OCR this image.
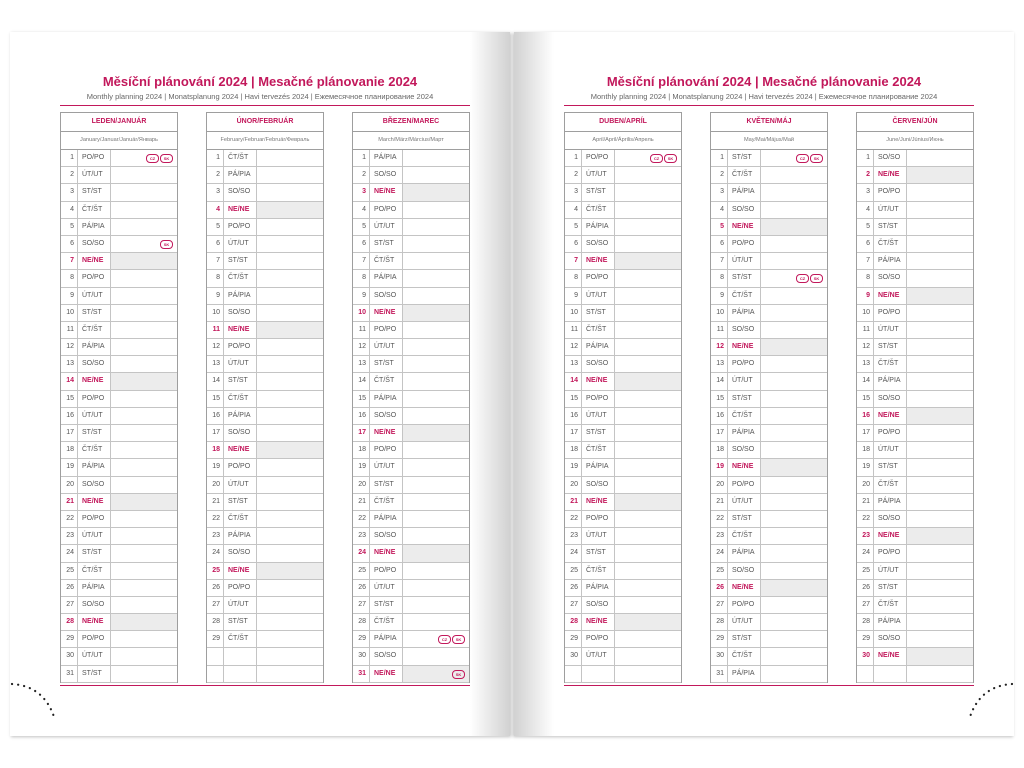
Měsíční plánování 2024 | Mesačné plánovanie 2024

Monthly planning 2024 | Monatsplanung 2024 | Havi tervezés 2024 | Ежемесячное планирование 2024

LEDEN/JANUÁR
January/Januar/Január/Январь
1	PO/PO	CZ	SK
2	ÚT/UT
3	ST/ST
4	ČT/ŠT
5	PÁ/PIA
6	SO/SO	SK
7	NE/NE
8	PO/PO
9	ÚT/UT
10	ST/ST
11	ČT/ŠT
12	PÁ/PIA
13	SO/SO
14	NE/NE
15	PO/PO
16	ÚT/UT
17	ST/ST
18	ČT/ŠT
19	PÁ/PIA
20	SO/SO
21	NE/NE
22	PO/PO
23	ÚT/UT
24	ST/ST
25	ČT/ŠT
26	PÁ/PIA
27	SO/SO
28	NE/NE
29	PO/PO
30	ÚT/UT
31	ST/ST
ÚNOR/FEBRUÁR
February/Februar/Február/Февраль
1	ČT/ŠT
2	PÁ/PIA
3	SO/SO
4	NE/NE
5	PO/PO
6	ÚT/UT
7	ST/ST
8	ČT/ŠT
9	PÁ/PIA
10	SO/SO
11	NE/NE
12	PO/PO
13	ÚT/UT
14	ST/ST
15	ČT/ŠT
16	PÁ/PIA
17	SO/SO
18	NE/NE
19	PO/PO
20	ÚT/UT
21	ST/ST
22	ČT/ŠT
23	PÁ/PIA
24	SO/SO
25	NE/NE
26	PO/PO
27	ÚT/UT
28	ST/ST
29	ČT/ŠT
BŘEZEN/MAREC
March/März/Március/Март
1	PÁ/PIA
2	SO/SO
3	NE/NE
4	PO/PO
5	ÚT/UT
6	ST/ST
7	ČT/ŠT
8	PÁ/PIA
9	SO/SO
10	NE/NE
11	PO/PO
12	ÚT/UT
13	ST/ST
14	ČT/ŠT
15	PÁ/PIA
16	SO/SO
17	NE/NE
18	PO/PO
19	ÚT/UT
20	ST/ST
21	ČT/ŠT
22	PÁ/PIA
23	SO/SO
24	NE/NE
25	PO/PO
26	ÚT/UT
27	ST/ST
28	ČT/ŠT
29	PÁ/PIA	CZ	SK
30	SO/SO
31	NE/NE	SK
Měsíční plánování 2024 | Mesačné plánovanie 2024

Monthly planning 2024 | Monatsplanung 2024 | Havi tervezés 2024 | Ежемесячное планирование 2024

DUBEN/APRÍL
April/April/Április/Апрель
1	PO/PO	CZ	SK
2	ÚT/UT
3	ST/ST
4	ČT/ŠT
5	PÁ/PIA
6	SO/SO
7	NE/NE
8	PO/PO
9	ÚT/UT
10	ST/ST
11	ČT/ŠT
12	PÁ/PIA
13	SO/SO
14	NE/NE
15	PO/PO
16	ÚT/UT
17	ST/ST
18	ČT/ŠT
19	PÁ/PIA
20	SO/SO
21	NE/NE
22	PO/PO
23	ÚT/UT
24	ST/ST
25	ČT/ŠT
26	PÁ/PIA
27	SO/SO
28	NE/NE
29	PO/PO
30	ÚT/UT
KVĚTEN/MÁJ
May/Mai/Május/Май
1	ST/ST	CZ	SK
2	ČT/ŠT
3	PÁ/PIA
4	SO/SO
5	NE/NE
6	PO/PO
7	ÚT/UT
8	ST/ST	CZ	SK
9	ČT/ŠT
10	PÁ/PIA
11	SO/SO
12	NE/NE
13	PO/PO
14	ÚT/UT
15	ST/ST
16	ČT/ŠT
17	PÁ/PIA
18	SO/SO
19	NE/NE
20	PO/PO
21	ÚT/UT
22	ST/ST
23	ČT/ŠT
24	PÁ/PIA
25	SO/SO
26	NE/NE
27	PO/PO
28	ÚT/UT
29	ST/ST
30	ČT/ŠT
31	PÁ/PIA
ČERVEN/JÚN
June/Juni/Június/Июнь
1	SO/SO
2	NE/NE
3	PO/PO
4	ÚT/UT
5	ST/ST
6	ČT/ŠT
7	PÁ/PIA
8	SO/SO
9	NE/NE
10	PO/PO
11	ÚT/UT
12	ST/ST
13	ČT/ŠT
14	PÁ/PIA
15	SO/SO
16	NE/NE
17	PO/PO
18	ÚT/UT
19	ST/ST
20	ČT/ŠT
21	PÁ/PIA
22	SO/SO
23	NE/NE
24	PO/PO
25	ÚT/UT
26	ST/ST
27	ČT/ŠT
28	PÁ/PIA
29	SO/SO
30	NE/NE
